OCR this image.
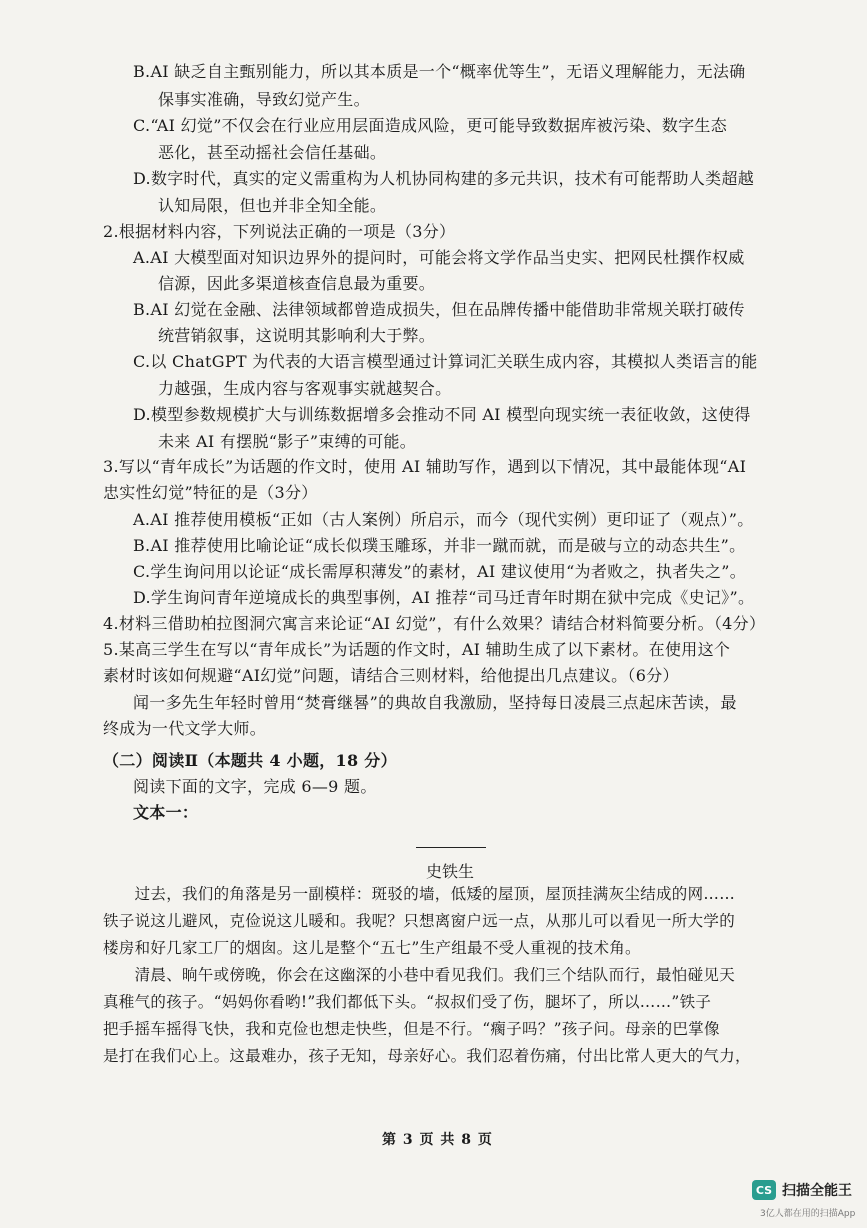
B.AI 缺乏自主甄别能力，所以其本质是一个“概率优等生”，无语义理解能力，无法确
保事实准确，导致幻觉产生。
C.“AI 幻觉”不仅会在行业应用层面造成风险，更可能导致数据库被污染、数字生态
恶化，甚至动摇社会信任基础。
D.数字时代，真实的定义需重构为人机协同构建的多元共识，技术有可能帮助人类超越
认知局限，但也并非全知全能。
2.根据材料内容，下列说法正确的一项是（3分）
A.AI 大模型面对知识边界外的提问时，可能会将文学作品当史实、把网民杜撰作权威
信源，因此多渠道核查信息最为重要。
B.AI 幻觉在金融、法律领域都曾造成损失，但在品牌传播中能借助非常规关联打破传
统营销叙事，这说明其影响利大于弊。
C.以 ChatGPT 为代表的大语言模型通过计算词汇关联生成内容，其模拟人类语言的能
力越强，生成内容与客观事实就越契合。
D.模型参数规模扩大与训练数据增多会推动不同 AI 模型向现实统一表征收敛，这使得
未来 AI 有摆脱“影子”束缚的可能。
3.写以“青年成长”为话题的作文时，使用 AI 辅助写作，遇到以下情况，其中最能体现“AI
忠实性幻觉”特征的是（3分）
A.AI 推荐使用模板“正如（古人案例）所启示，而今（现代实例）更印证了（观点）”。
B.AI 推荐使用比喻论证“成长似璞玉雕琢，并非一蹴而就，而是破与立的动态共生”。
C.学生询问用以论证“成长需厚积薄发”的素材，AI 建议使用“为者败之，执者失之”。
D.学生询问青年逆境成长的典型事例，AI 推荐“司马迁青年时期在狱中完成《史记》”。
4.材料三借助柏拉图洞穴寓言来论证“AI 幻觉”，有什么效果？请结合材料简要分析。（4分）
5.某高三学生在写以“青年成长”为话题的作文时，AI 辅助生成了以下素材。在使用这个
素材时该如何规避“AI幻觉”问题，请结合三则材料，给他提出几点建议。（6分）
闻一多先生年轻时曾用“焚膏继晷”的典故自我激励，坚持每日凌晨三点起床苦读，最
终成为一代文学大师。
（二）阅读Ⅱ（本题共 4 小题，18 分）
阅读下面的文字，完成 6—9 题。
文本一：
　　过去，我们的角落是另一副模样：斑驳的墙，低矮的屋顶，屋顶挂满灰尘结成的网……
铁子说这儿避风，克俭说这儿暖和。我呢？只想离窗户远一点，从那儿可以看见一所大学的
楼房和好几家工厂的烟囱。这儿是整个“五七”生产组最不受人重视的技术角。
　　清晨、晌午或傍晚，你会在这幽深的小巷中看见我们。我们三个结队而行，最怕碰见天
真稚气的孩子。“妈妈你看哟!”我们都低下头。“叔叔们受了伤，腿坏了，所以……”铁子
把手摇车摇得飞快，我和克俭也想走快些，但是不行。“瘸子吗？”孩子问。母亲的巴掌像
是打在我们心上。这最难办，孩子无知，母亲好心。我们忍着伤痛，付出比常人更大的气力，
史铁生
第 3 页 共 8 页
CS 扫描全能王
3亿人都在用的扫描App
